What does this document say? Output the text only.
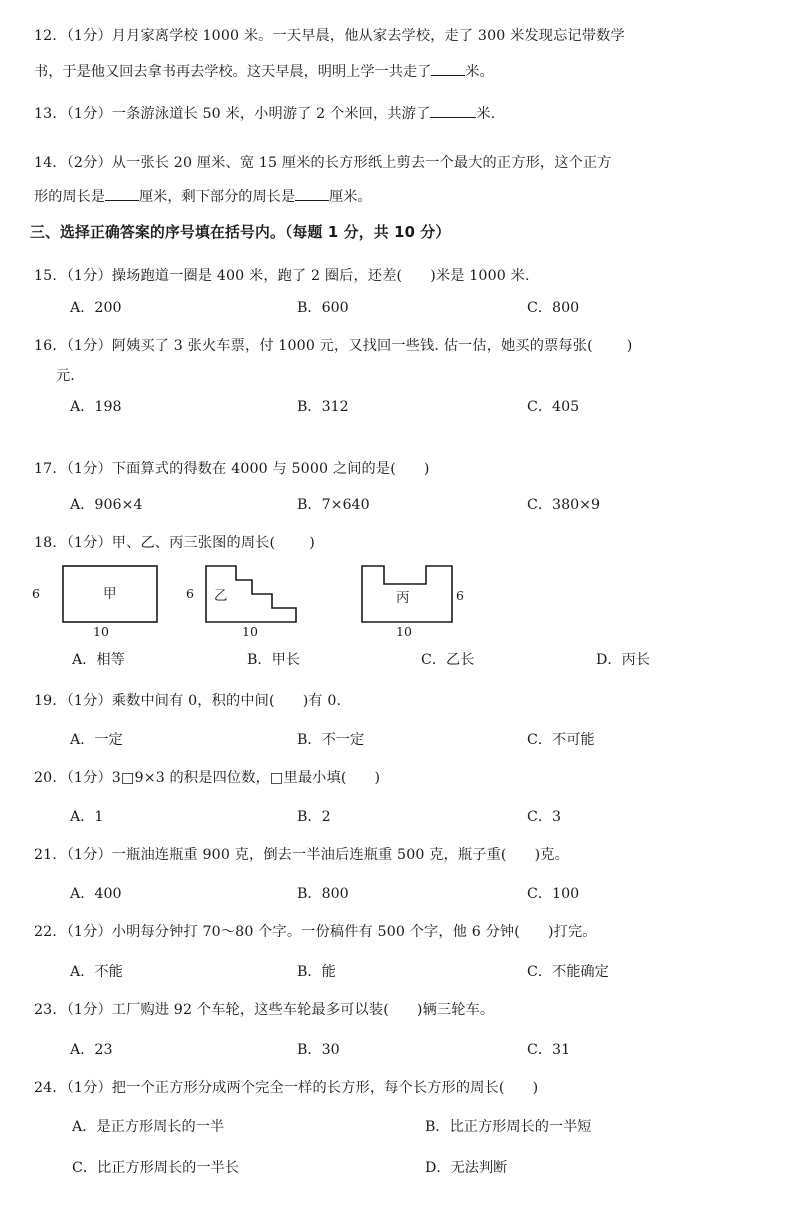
12．（1分）月月家离学校 1000 米。一天早晨，他从家去学校，走了 300 米发现忘记带数学
书，于是他又回去拿书再去学校。这天早晨，明明上学一共走了 米。
13．（1分）一条游泳道长 50 米，小明游了 2 个米回，共游了	米.
14．（2分）从一张长 20 厘米、宽 15 厘米的长方形纸上剪去一个最大的正方形，这个正方
形的周长是 厘米，剩下部分的周长是 厘米。
三、选择正确答案的序号填在括号内。（每题 1 分，共 10 分）
15．（1分）操场跑道一圈是 400 米，跑了 2 圈后，还差( )米是 1000 米.
A．200	B．600	C．800
16．（1分）阿姨买了 3 张火车票，付 1000 元，又找回一些钱. 估一估，她买的票每张( )
元.
A．198	B．312	C．405
17．（1分）下面算式的得数在 4000 与 5000 之间的是( )
A．906×4	B．7×640	C．380×9
18．（1分）甲、乙、丙三张图的周长( )
6	甲
10
6 乙
10
丙	6
10
A．相等	B．甲长	C．乙长	D．丙长
19．（1分）乘数中间有 0，积的中间( )有 0.
A．一定	B．不一定	C．不可能
20．（1分）3□9×3 的积是四位数，□里最小填( )
A．1	B．2	C．3
21．（1分）一瓶油连瓶重 900 克，倒去一半油后连瓶重 500 克，瓶子重( )克。
A．400	B．800	C．100
22．（1分）小明每分钟打 70～80 个字。一份稿件有 500 个字，他 6 分钟( )打完。
A．不能	B．能	C．不能确定
23．（1分）工厂购进 92 个车轮，这些车轮最多可以装( )辆三轮车。
A．23	B．30	C．31
24．（1分）把一个正方形分成两个完全一样的长方形，每个长方形的周长( )
A．是正方形周长的一半	B．比正方形周长的一半短
C．比正方形周长的一半长	D．无法判断
